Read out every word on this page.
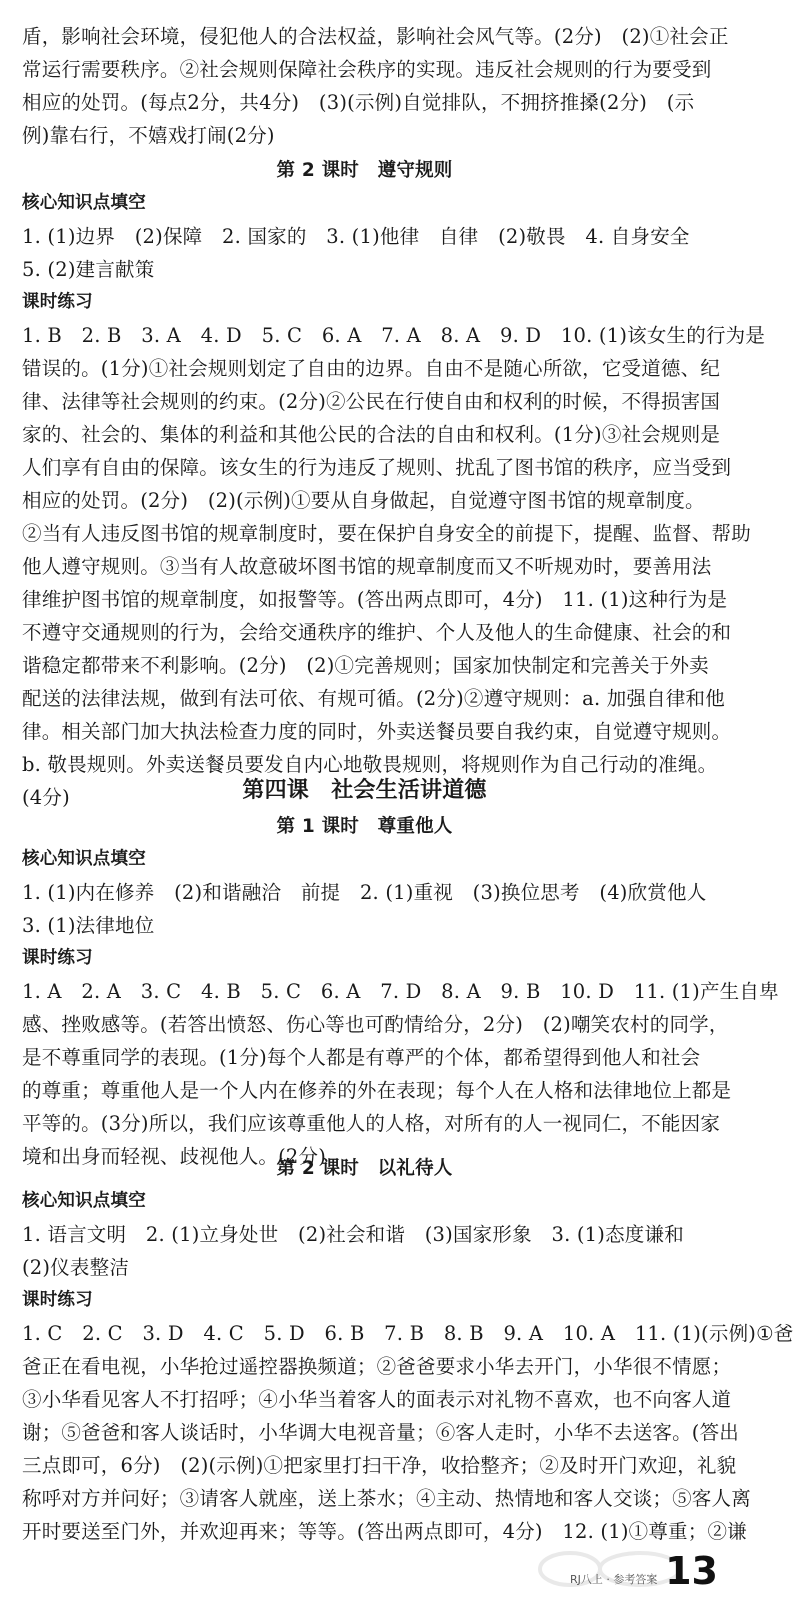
盾，影响社会环境，侵犯他人的合法权益，影响社会风气等。(2分)　(2)①社会正
常运行需要秩序。②社会规则保障社会秩序的实现。违反社会规则的行为要受到
相应的处罚。(每点2分，共4分)　(3)(示例)自觉排队，不拥挤推搡(2分)　(示
例)靠右行，不嬉戏打闹(2分)
第 2 课时　遵守规则
核心知识点填空
1. (1)边界　(2)保障　2. 国家的　3. (1)他律　自律　(2)敬畏　4. 自身安全
5. (2)建言献策
课时练习
1. B　2. B　3. A　4. D　5. C　6. A　7. A　8. A　9. D　10. (1)该女生的行为是
错误的。(1分)①社会规则划定了自由的边界。自由不是随心所欲，它受道德、纪
律、法律等社会规则的约束。(2分)②公民在行使自由和权利的时候，不得损害国
家的、社会的、集体的利益和其他公民的合法的自由和权利。(1分)③社会规则是
人们享有自由的保障。该女生的行为违反了规则、扰乱了图书馆的秩序，应当受到
相应的处罚。(2分)　(2)(示例)①要从自身做起，自觉遵守图书馆的规章制度。
②当有人违反图书馆的规章制度时，要在保护自身安全的前提下，提醒、监督、帮助
他人遵守规则。③当有人故意破坏图书馆的规章制度而又不听规劝时，要善用法
律维护图书馆的规章制度，如报警等。(答出两点即可，4分)　11. (1)这种行为是
不遵守交通规则的行为，会给交通秩序的维护、个人及他人的生命健康、社会的和
谐稳定都带来不利影响。(2分)　(2)①完善规则；国家加快制定和完善关于外卖
配送的法律法规，做到有法可依、有规可循。(2分)②遵守规则：a. 加强自律和他
律。相关部门加大执法检查力度的同时，外卖送餐员要自我约束，自觉遵守规则。
b. 敬畏规则。外卖送餐员要发自内心地敬畏规则，将规则作为自己行动的准绳。
(4分)	第四课　社会生活讲道德
第 1 课时　尊重他人
核心知识点填空
1. (1)内在修养　(2)和谐融洽　前提　2. (1)重视　(3)换位思考　(4)欣赏他人
3. (1)法律地位
课时练习
1. A　2. A　3. C　4. B　5. C　6. A　7. D　8. A　9. B　10. D　11. (1)产生自卑
感、挫败感等。(若答出愤怒、伤心等也可酌情给分，2分)　(2)嘲笑农村的同学，
是不尊重同学的表现。(1分)每个人都是有尊严的个体，都希望得到他人和社会
的尊重；尊重他人是一个人内在修养的外在表现；每个人在人格和法律地位上都是
平等的。(3分)所以，我们应该尊重他人的人格，对所有的人一视同仁，不能因家
境和出身而轻视、歧视他人。(2分)
第 2 课时　以礼待人
核心知识点填空
1. 语言文明　2. (1)立身处世　(2)社会和谐　(3)国家形象　3. (1)态度谦和
(2)仪表整洁
课时练习
1. C　2. C　3. D　4. C　5. D　6. B　7. B　8. B　9. A　10. A　11. (1)(示例)①爸
爸正在看电视，小华抢过遥控器换频道；②爸爸要求小华去开门，小华很不情愿；
③小华看见客人不打招呼；④小华当着客人的面表示对礼物不喜欢，也不向客人道
谢；⑤爸爸和客人谈话时，小华调大电视音量；⑥客人走时，小华不去送客。(答出
三点即可，6分)　(2)(示例)①把家里打扫干净，收拾整齐；②及时开门欢迎，礼貌
称呼对方并问好；③请客人就座，送上茶水；④主动、热情地和客人交谈；⑤客人离
开时要送至门外，并欢迎再来；等等。(答出两点即可，4分)　12. (1)①尊重；②谦
RJ八上 · 参考答案 13
